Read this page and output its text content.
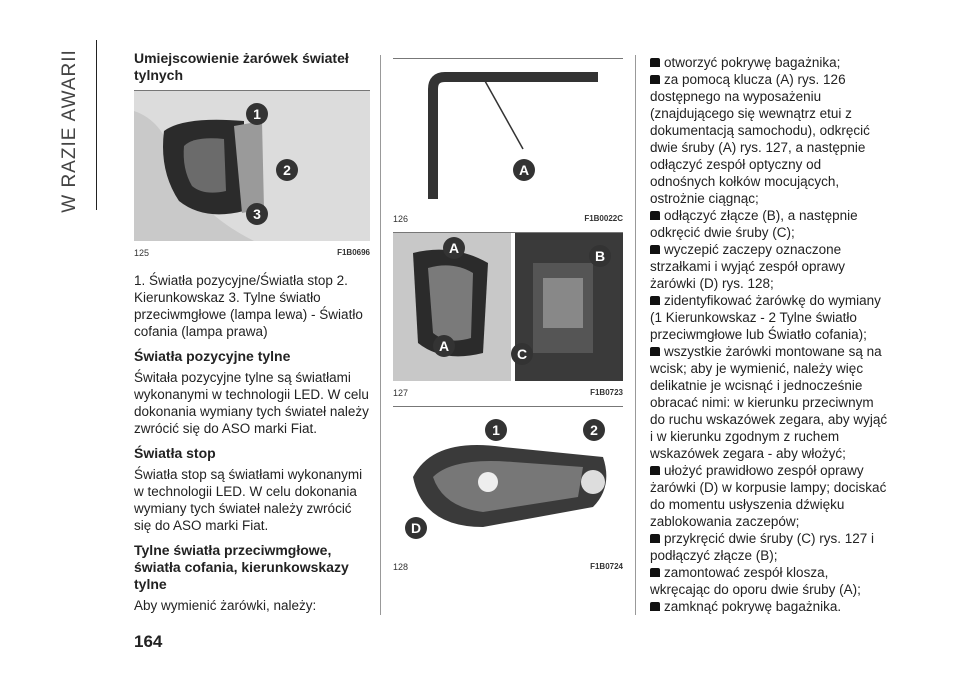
W RAZIE AWARII	Umiejscowienie żarówek świateł tylnych
1
2
3
125	F1B0696

1. Światła pozycyjne/Światła stop 2. Kierunkowskaz 3. Tylne światło przeciwmgłowe (lampa lewa) - Światło cofania (lampa prawa)

Światła pozycyjne tylne

Świtała pozycyjne tylne są światłami wykonanymi w technologii LED. W celu dokonania wymiany tych świateł należy zwrócić się do ASO marki Fiat.

Światła stop

Światła stop są światłami wykonanymi w technologii LED. W celu dokonania wymiany tych świateł należy zwrócić się do ASO marki Fiat.

Tylne światła przeciwmgłowe, światła cofania, kierunkowskazy tylne

Aby wymienić żarówki, należy:

A
126	F1B0022C
A
A
B
C
127	F1B0723
1	2
D
128	F1B0724
otworzyć pokrywę bagażnika;
za pomocą klucza (A) rys. 126 dostępnego na wyposażeniu (znajdującego się wewnątrz etui z dokumentacją samochodu), odkręcić dwie śruby (A) rys. 127, a następnie odłączyć zespół optyczny od odnośnych kołków mocujących, ostrożnie ciągnąc;
odłączyć złącze (B), a następnie odkręcić dwie śruby (C);
wyczepić zaczepy oznaczone strzałkami i wyjąć zespół oprawy żarówki (D) rys. 128;
zidentyfikować żarówkę do wymiany (1 Kierunkowskaz - 2 Tylne światło przeciwmgłowe lub Światło cofania);
wszystkie żarówki montowane są na wcisk; aby je wymienić, należy więc delikatnie je wcisnąć i jednocześnie obracać nimi: w kierunku przeciwnym do ruchu wskazówek zegara, aby wyjąć i w kierunku zgodnym z ruchem wskazówek zegara - aby włożyć;
ułożyć prawidłowo zespół oprawy żarówki (D) w korpusie lampy; dociskać do momentu usłyszenia dźwięku zablokowania zaczepów;
przykręcić dwie śruby (C) rys. 127 i podłączyć złącze (B);
zamontować zespół klosza, wkręcając do oporu dwie śruby (A);
zamknąć pokrywę bagażnika.
164
